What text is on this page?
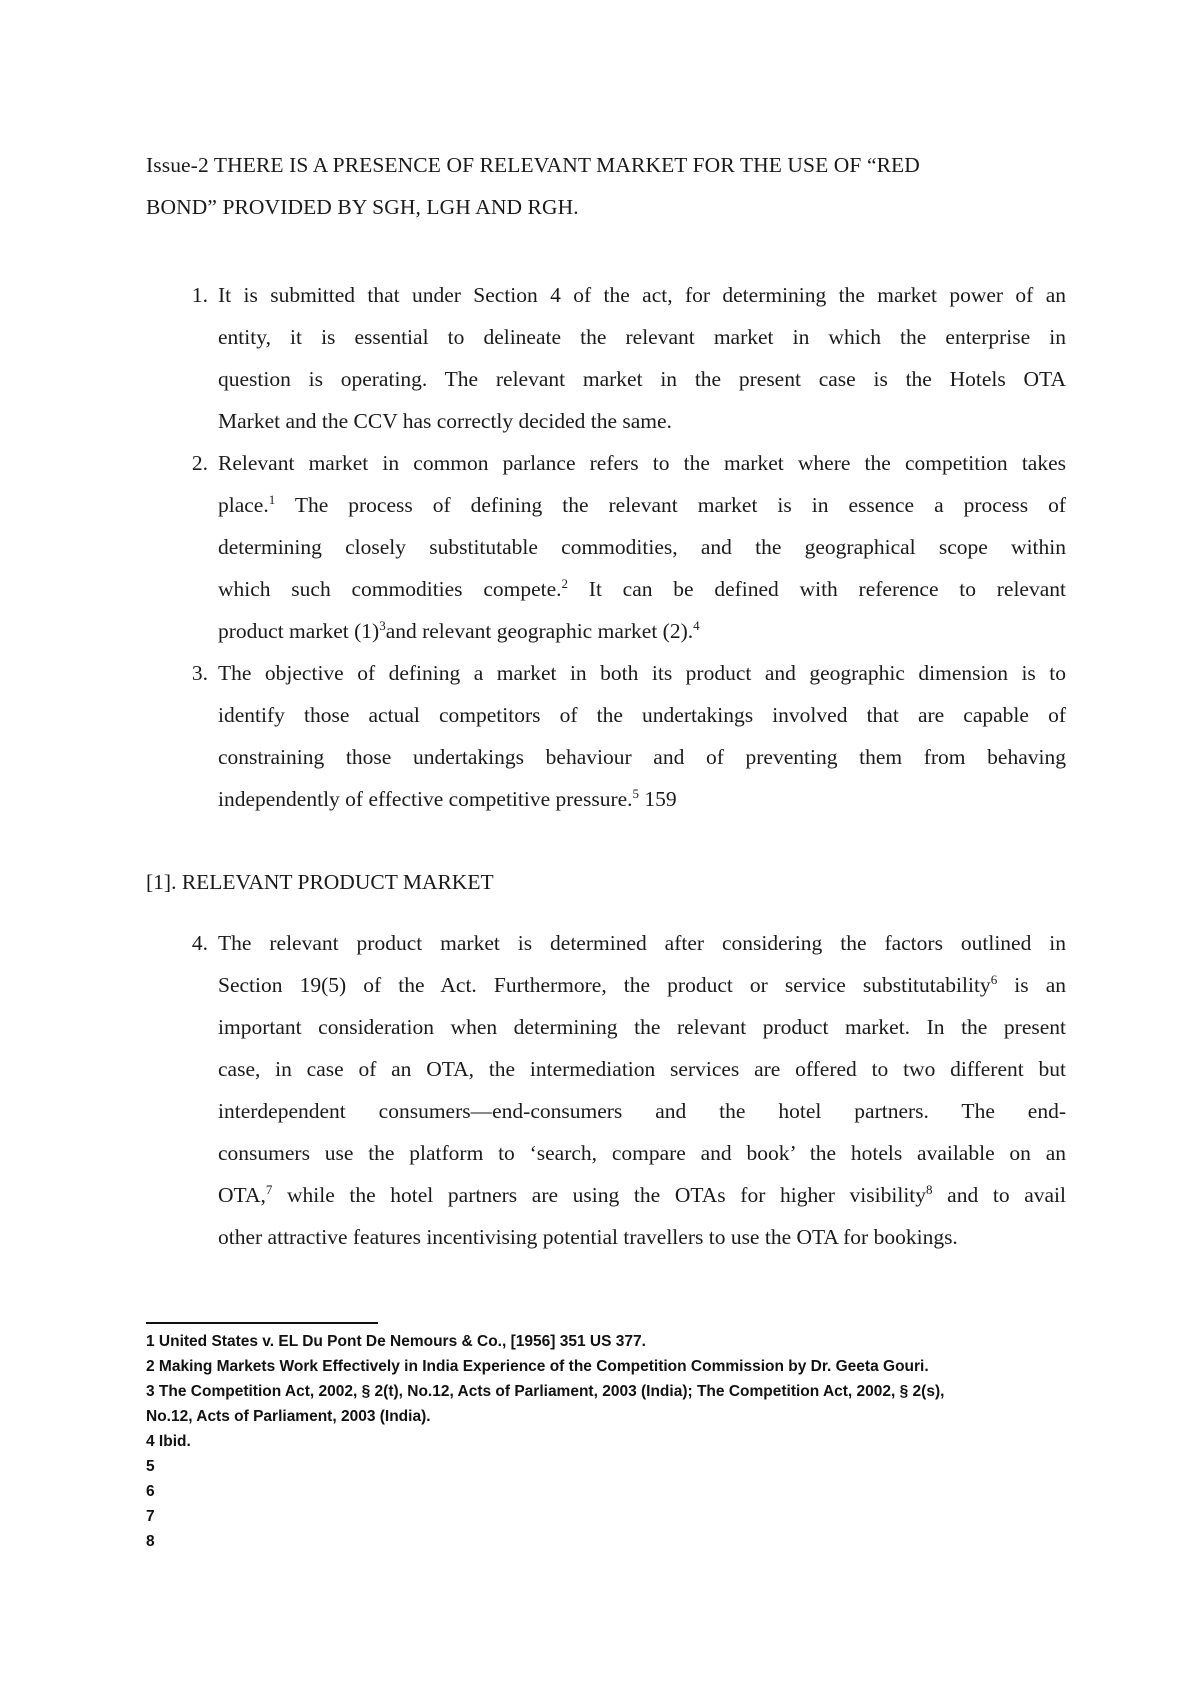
Issue-2 THERE IS A PRESENCE OF RELEVANT MARKET FOR THE USE OF “RED
BOND” PROVIDED BY SGH, LGH AND RGH.
1. It is submitted that under Section 4 of the act, for determining the market power of an
entity, it is essential to delineate the relevant market in which the enterprise in
question is operating. The relevant market in the present case is the Hotels OTA
Market and the CCV has correctly decided the same.
2. Relevant market in common parlance refers to the market where the competition takes
place.$^1$ The process of defining the relevant market is in essence a process of
determining closely substitutable commodities, and the geographical scope within
which such commodities compete.$^2$ It can be defined with reference to relevant
product market $(1)^3and$ relevant geographic market (2).$^4$
3. The objective of defining a market in both its product and geographic dimension is to
identify those actual competitors of the undertakings involved that are capable of
constraining those undertakings behaviour and of preventing them from behaving
independently of effective competitive pressure.$^5$ 159
[1]. RELEVANT PRODUCT MARKET
4. The relevant product market is determined after considering the factors outlined in
Section 19(5) of the Act. Furthermore, the product or service substitutability$^6$ is an
important consideration when determining the relevant product market. In the present
case, in case of an OTA, the intermediation services are offered to two different but
interdependent consumers—end-consumers and the hotel partners. The end-
consumers use the platform to ‘search, compare and book’ the hotels available on an
OTA,$^7$ while the hotel partners are using the OTAs for higher visibility$^8$ and to avail
other attractive features incentivising potential travellers to use the OTA for bookings.
1 United States v. EL Du Pont De Nemours & Co., [1956] 351 US 377.
2 Making Markets Work Effectively in India Experience of the Competition Commission by Dr. Geeta Gouri.
3 The Competition Act, 2002, § 2(t), No.12, Acts of Parliament, 2003 (India); The Competition Act, 2002, § 2(s),
No.12, Acts of Parliament, 2003 (India).
4 Ibid.
5
6
7
8
